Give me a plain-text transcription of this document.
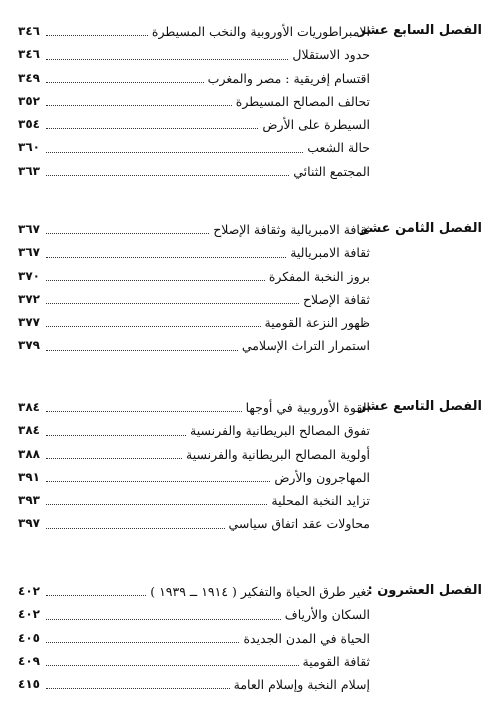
الفصل السابع عشر
٣٤٦	الامبراطوريات الأوروبية والنخب المسيطرة
٣٤٦	حدود الاستقلال
٣٤٩	اقتسام إفريقية : مصر والمغرب
٣٥٢	تحالف المصالح المسيطرة
٣٥٤	السيطرة على الأرض
٣٦٠	حالة الشعب
٣٦٣	المجتمع الثنائي
الفصل الثامن عشر
٣٦٧	ثقافة الامبريالية وثقافة الإصلاح
٣٦٧	ثقافة الامبريالية
٣٧٠	بروز النخبة المفكرة
٣٧٢	ثقافة الإصلاح
٣٧٧	ظهور النزعة القومية
٣٧٩	استمرار التراث الإسلامي
الفصل التاسع عشر
٣٨٤	القوة الأوروبية في أوجها
٣٨٤	تفوق المصالح البريطانية والفرنسية
٣٨٨	أولوية المصالح البريطانية والفرنسية
٣٩١	المهاجرون والأرض
٣٩٣	تزايد النخبة المحلية
٣٩٧	محاولات عقد اتفاق سياسي
الفصل العشرون :
٤٠٢	تغير طرق الحياة والتفكير ( ١٩١٤ ــ ١٩٣٩ )
٤٠٢	السكان والأرياف
٤٠٥	الحياة في المدن الجديدة
٤٠٩	ثقافة القومية
٤١٥	إسلام النخبة وإسلام العامة
